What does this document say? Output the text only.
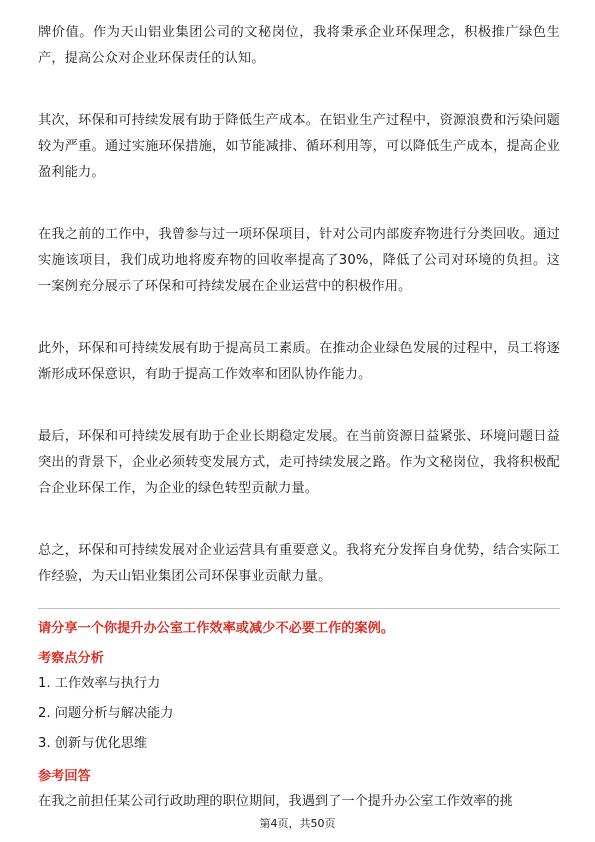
牌价值。作为天山铝业集团公司的文秘岗位，我将秉承企业环保理念，积极推广绿色生产，提高公众对企业环保责任的认知。

其次，环保和可持续发展有助于降低生产成本。在铝业生产过程中，资源浪费和污染问题较为严重。通过实施环保措施，如节能减排、循环利用等，可以降低生产成本，提高企业盈利能力。

在我之前的工作中，我曾参与过一项环保项目，针对公司内部废弃物进行分类回收。通过实施该项目，我们成功地将废弃物的回收率提高了30%，降低了公司对环境的负担。这一案例充分展示了环保和可持续发展在企业运营中的积极作用。

此外，环保和可持续发展有助于提高员工素质。在推动企业绿色发展的过程中，员工将逐渐形成环保意识，有助于提高工作效率和团队协作能力。

最后，环保和可持续发展有助于企业长期稳定发展。在当前资源日益紧张、环境问题日益突出的背景下，企业必须转变发展方式，走可持续发展之路。作为文秘岗位，我将积极配合企业环保工作，为企业的绿色转型贡献力量。

总之，环保和可持续发展对企业运营具有重要意义。我将充分发挥自身优势，结合实际工作经验，为天山铝业集团公司环保事业贡献力量。

请分享一个你提升办公室工作效率或减少不必要工作的案例。

考察点分析

1. 工作效率与执行力

2. 问题分析与解决能力

3. 创新与优化思维

参考回答

在我之前担任某公司行政助理的职位期间，我遇到了一个提升办公室工作效率的挑

第4页，共50页
